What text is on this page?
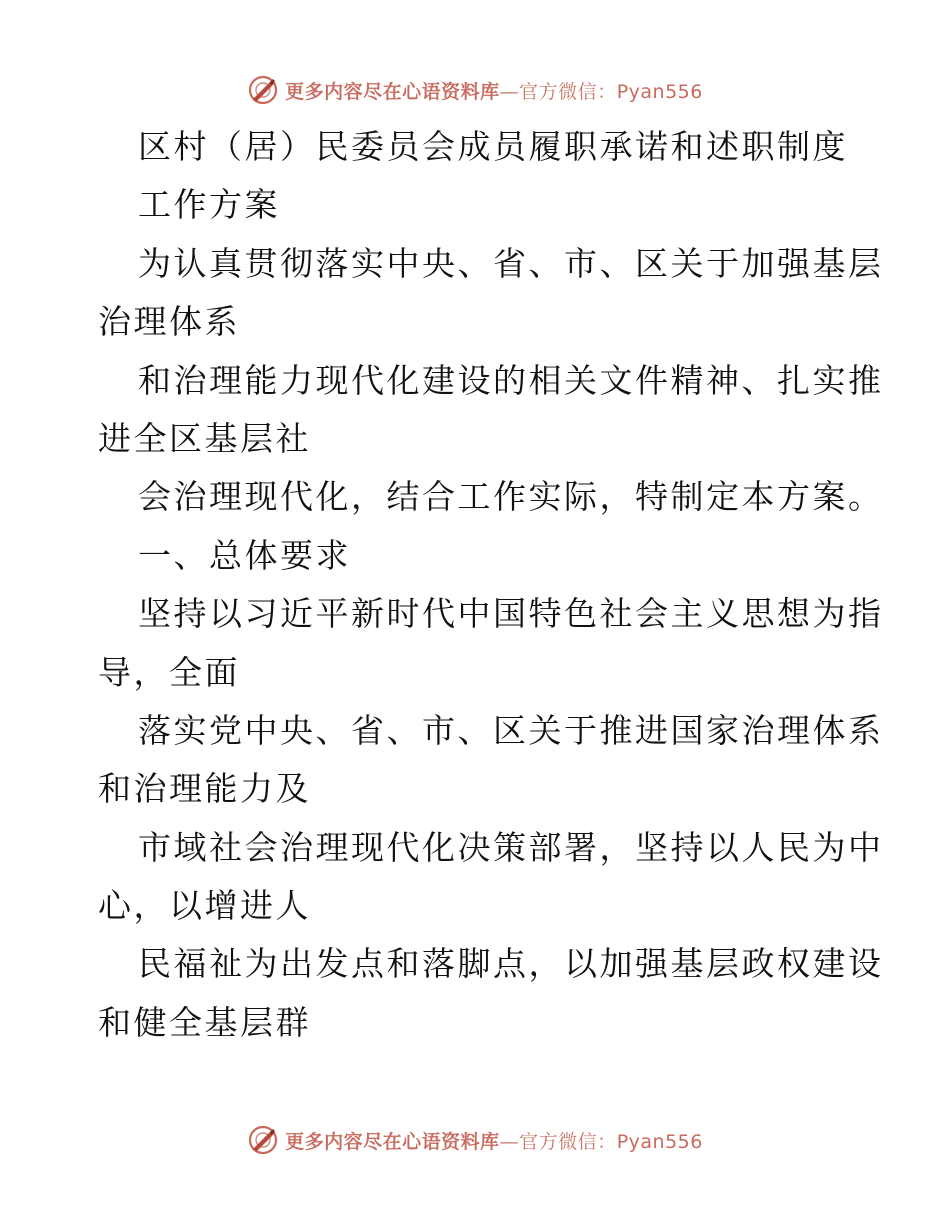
更多内容尽在心语资料库—官方微信：Pyan556
区村（居）民委员会成员履职承诺和述职制度
工作方案
为认真贯彻落实中央、省、市、区关于加强基层
治理体系
和治理能力现代化建设的相关文件精神、扎实推
进全区基层社
会治理现代化，结合工作实际，特制定本方案。
一、总体要求
坚持以习近平新时代中国特色社会主义思想为指
导，全面
落实党中央、省、市、区关于推进国家治理体系
和治理能力及
市域社会治理现代化决策部署，坚持以人民为中
心，以增进人
民福祉为出发点和落脚点，以加强基层政权建设
和健全基层群
更多内容尽在心语资料库—官方微信：Pyan556
